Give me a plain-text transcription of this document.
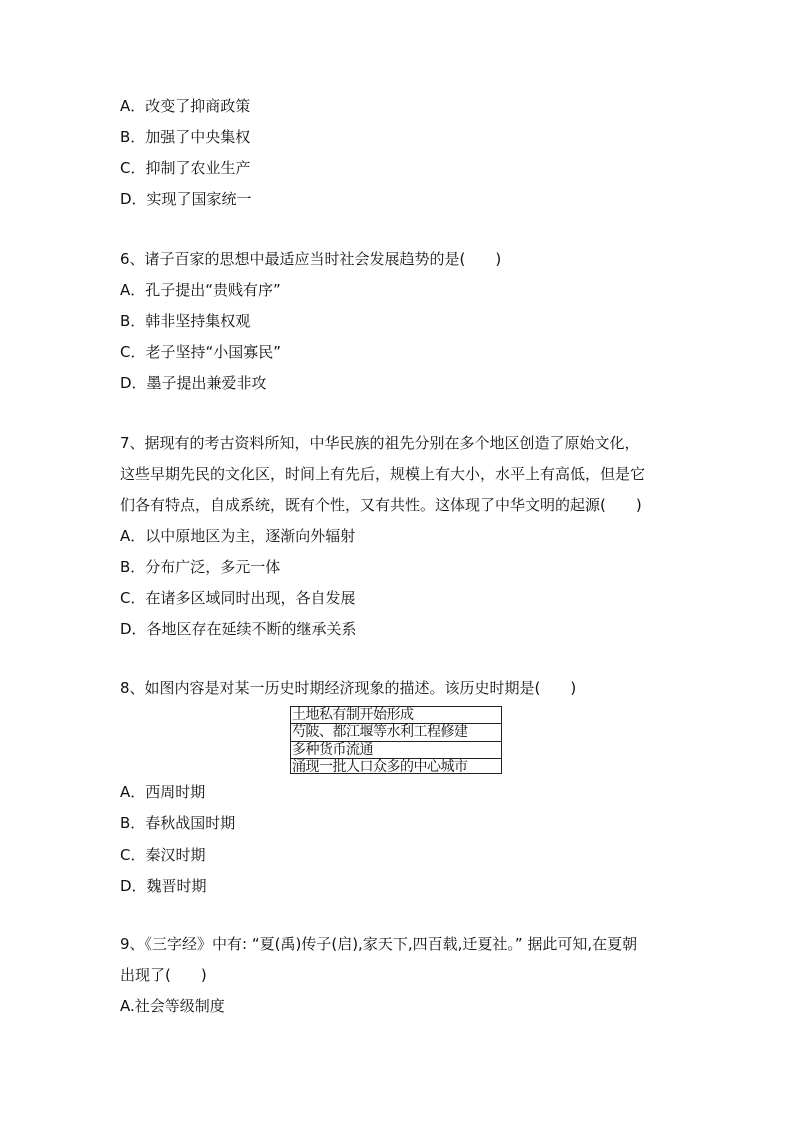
A．改变了抑商政策
B．加强了中央集权
C．抑制了农业生产
D．实现了国家统一
6、诸子百家的思想中最适应当时社会发展趋势的是(　　)
A．孔子提出“贵贱有序”
B．韩非坚持集权观
C．老子坚持“小国寡民”
D．墨子提出兼爱非攻
7、据现有的考古资料所知，中华民族的祖先分别在多个地区创造了原始文化，
这些早期先民的文化区，时间上有先后，规模上有大小，水平上有高低，但是它
们各有特点，自成系统，既有个性，又有共性。这体现了中华文明的起源(　　)
A．以中原地区为主，逐渐向外辐射
B．分布广泛，多元一体
C．在诸多区域同时出现，各自发展
D．各地区存在延续不断的继承关系
8、如图内容是对某一历史时期经济现象的描述。该历史时期是(　　)
土地私有制开始形成
芍陂、都江堰等水利工程修建
多种货币流通
涌现一批人口众多的中心城市
A．西周时期
B．春秋战国时期
C．秦汉时期
D．魏晋时期
9、《三字经》中有: “夏(禹)传子(启),家天下,四百载,迁夏社。” 据此可知,在夏朝
出现了(　　)
A.社会等级制度
